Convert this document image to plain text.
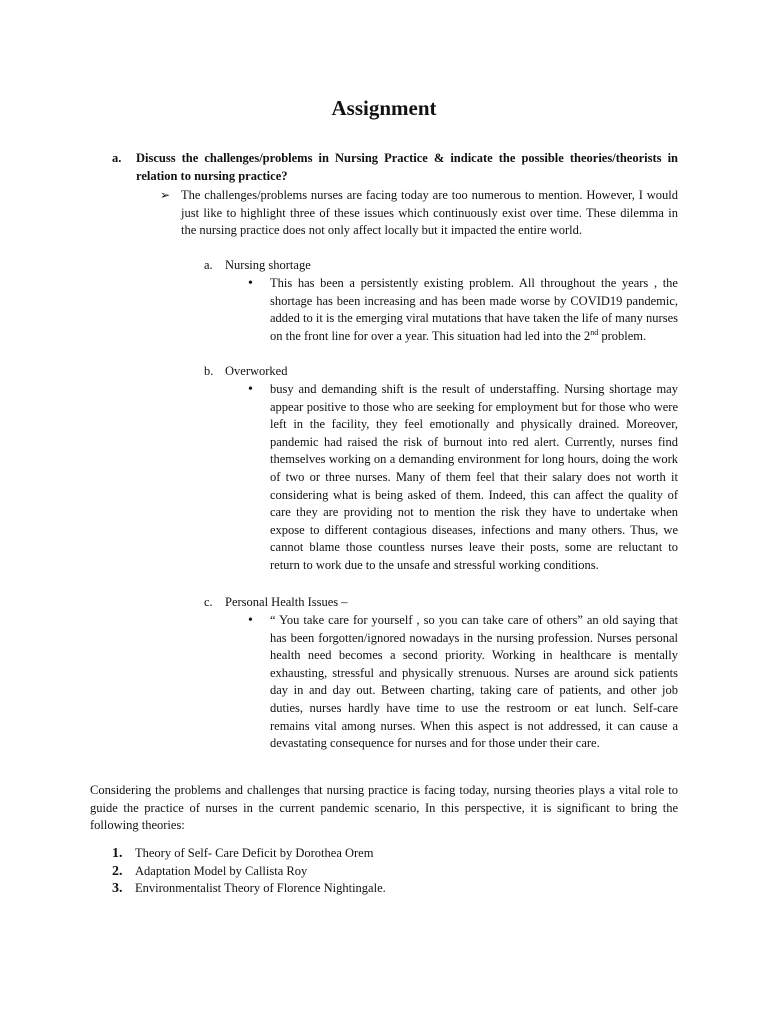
Assignment
a. Discuss the challenges/problems in Nursing Practice & indicate the possible theories/theorists in relation to nursing practice?
➢ The challenges/problems nurses are facing today are too numerous to mention. However, I would just like to highlight three of these issues which continuously exist over time. These dilemma in the nursing practice does not only affect locally but it impacted the entire world.
a. Nursing shortage
• This has been a persistently existing problem. All throughout the years , the shortage has been increasing and has been made worse by COVID19 pandemic, added to it is the emerging viral mutations that have taken the life of many nurses on the front line for over a year. This situation had led into the 2nd problem.
b. Overworked
• busy and demanding shift is the result of understaffing. Nursing shortage may appear positive to those who are seeking for employment but for those who were left in the facility, they feel emotionally and physically drained. Moreover, pandemic had raised the risk of burnout into red alert. Currently, nurses find themselves working on a demanding environment for long hours, doing the work of two or three nurses. Many of them feel that their salary does not worth it considering what is being asked of them. Indeed, this can affect the quality of care they are providing not to mention the risk they have to undertake when expose to different contagious diseases, infections and many others. Thus, we cannot blame those countless nurses leave their posts, some are reluctant to return to work due to the unsafe and stressful working conditions.
c. Personal Health Issues –
• “ You take care for yourself , so you can take care of others” an old saying that has been forgotten/ignored nowadays in the nursing profession. Nurses personal health need becomes a second priority. Working in healthcare is mentally exhausting, stressful and physically strenuous. Nurses are around sick patients day in and day out. Between charting, taking care of patients, and other job duties, nurses hardly have time to use the restroom or eat lunch. Self-care remains vital among nurses. When this aspect is not addressed, it can cause a devastating consequence for nurses and for those under their care.
Considering the problems and challenges that nursing practice is facing today, nursing theories plays a vital role to guide the practice of nurses in the current pandemic scenario, In this perspective, it is significant to bring the following theories:
1. Theory of Self- Care Deficit by Dorothea Orem
2. Adaptation Model by Callista Roy
3. Environmentalist Theory of Florence Nightingale.
